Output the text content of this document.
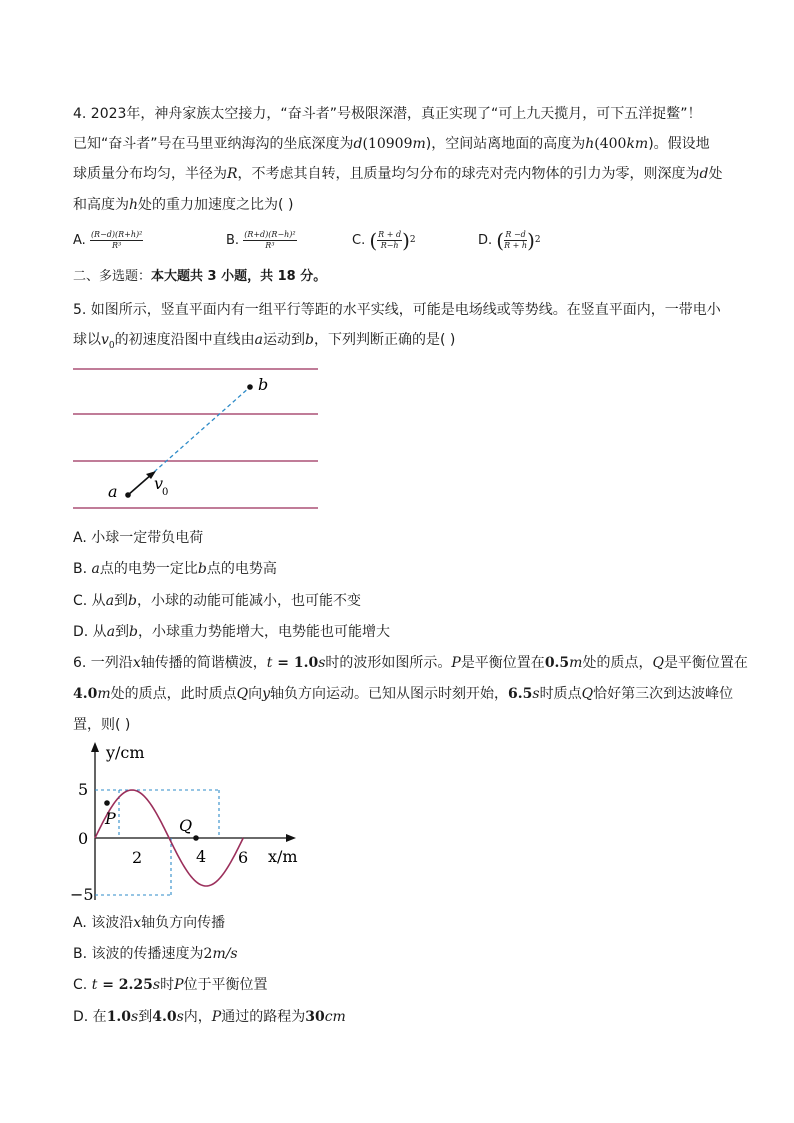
4. 2023年，神舟家族太空接力，“奋斗者”号极限深潜，真正实现了“可上九天揽月，可下五洋捉鳖”！
已知“奋斗者”号在马里亚纳海沟的坐底深度为d(10909m)，空间站离地面的高度为h(400km)。假设地
球质量分布均匀，半径为R，不考虑其自转，且质量均匀分布的球壳对壳内物体的引力为零，则深度为d处
和高度为h处的重力加速度之比为( )
A. $\frac{\text{(R−d)(R+h)²}}{\text{R³}}$	B. $\frac{\text{(R+d)(R−h)²}}{\text{R³}}$	C. ( $\frac{R + d}{R-h} )^2$	D. ( $\frac{R -d}{R + h} )^2$
二、多选题：本大题共 3 小题，共 18 分。
5. 如图所示，竖直平面内有一组平行等距的水平实线，可能是电场线或等势线。在竖直平面内，一带电小
球以$v_0$的初速度沿图中直线由a运动到b，下列判断正确的是( )
a
b
v
0
A. 小球一定带负电荷
B. a点的电势一定比b点的电势高
C. 从a到b，小球的动能可能减小，也可能不变
D. 从a到b，小球重力势能增大，电势能也可能增大
6. 一列沿x轴传播的简谐横波，t = 1.0s时的波形如图所示。P是平衡位置在0.5m处的质点，Q是平衡位置在
4.0m处的质点，此时质点Q向y轴负方向运动。已知从图示时刻开始，6.5s时质点Q恰好第三次到达波峰位
置，则( )
y/cm
x/m
5
0
−5
2	4 6
P	Q
A. 该波沿x轴负方向传播
B. 该波的传播速度为2m/s
C. t = 2.25s时P位于平衡位置
D. 在1.0s到4.0s内，P通过的路程为30cm
